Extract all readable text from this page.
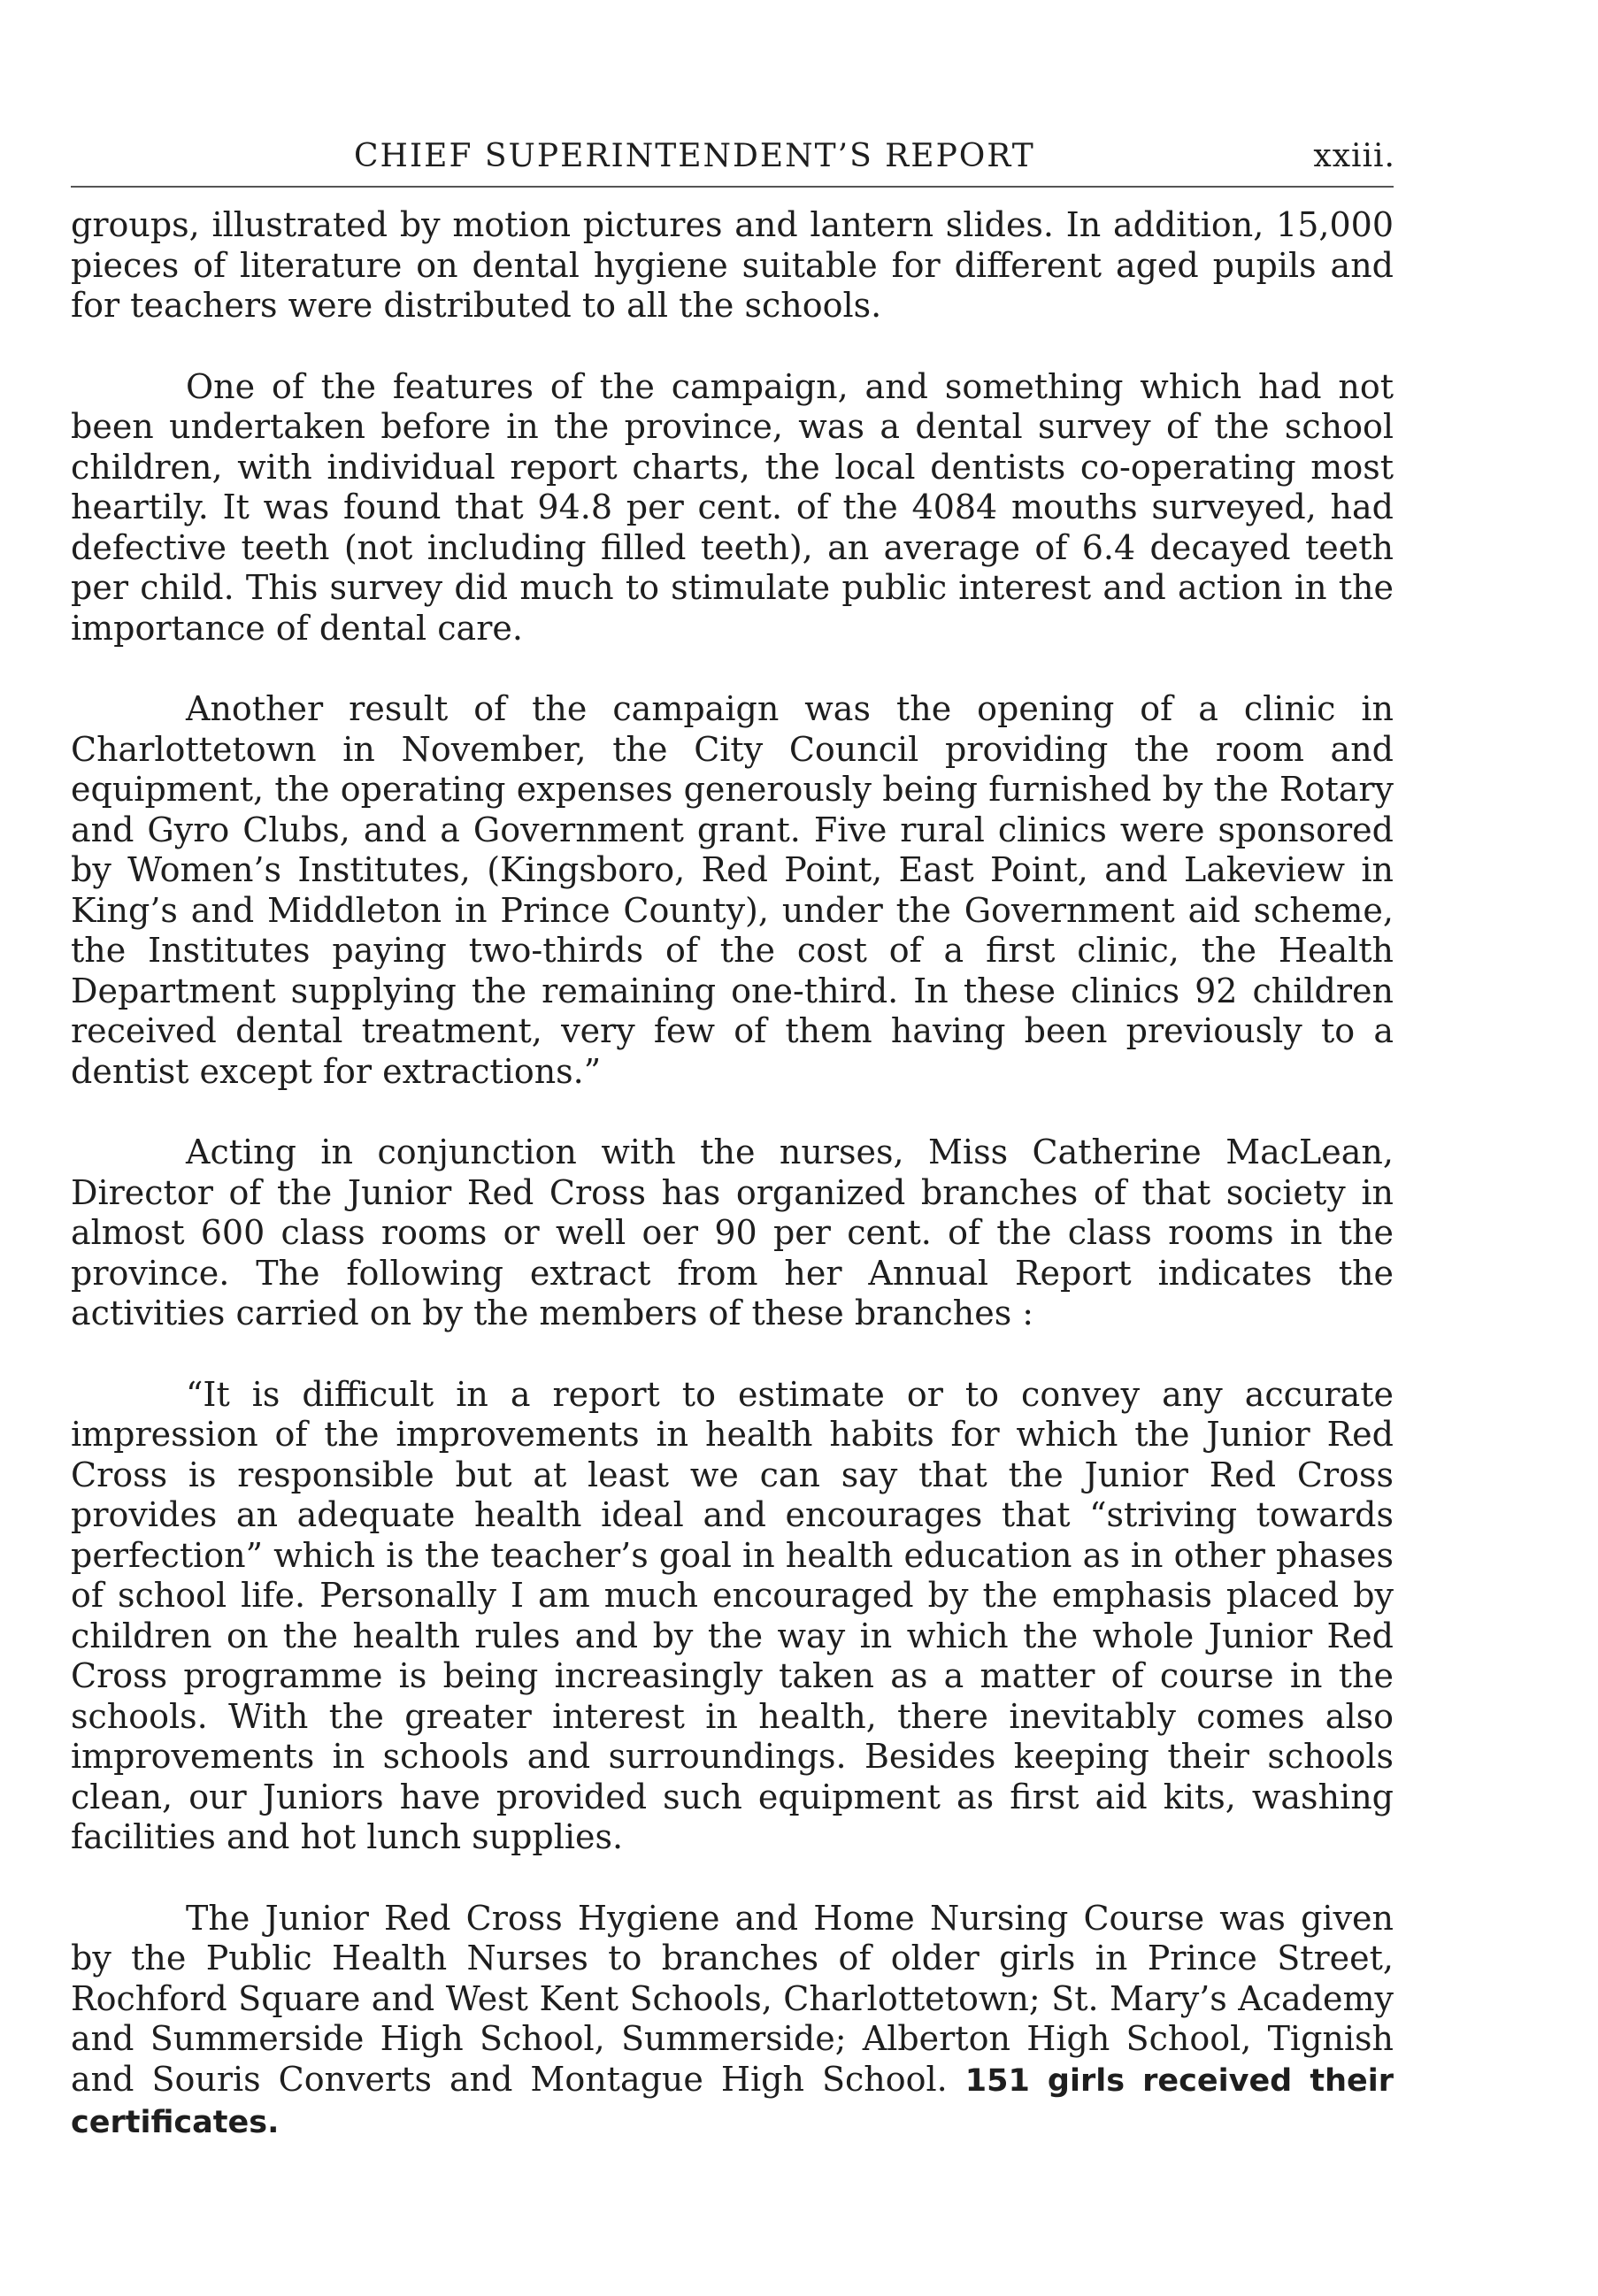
CHIEF SUPERINTENDENT’S REPORT	xxiii.

groups, illustrated by motion pictures and lantern slides. In addition, 15,000 pieces of literature on dental hygiene suitable for different aged pupils and for teachers were distributed to all the schools.

One of the features of the campaign, and something which had not been undertaken before in the province, was a dental survey of the school children, with individual report charts, the local dentists co-operating most heartily. It was found that 94.8 per cent. of the 4084 mouths surveyed, had defective teeth (not including filled teeth), an average of 6.4 decayed teeth per child. This survey did much to stimulate public interest and action in the importance of dental care.

Another result of the campaign was the opening of a clinic in Charlottetown in November, the City Council providing the room and equipment, the operating expenses generously being furnished by the Rotary and Gyro Clubs, and a Government grant. Five rural clinics were sponsored by Women’s Institutes, (Kingsboro, Red Point, East Point, and Lakeview in King’s and Middleton in Prince County), under the Government aid scheme, the Institutes paying two-thirds of the cost of a first clinic, the Health Department supplying the remaining one-third. In these clinics 92 children received dental treatment, very few of them having been previously to a dentist except for extractions.”

Acting in conjunction with the nurses, Miss Catherine MacLean, Director of the Junior Red Cross has organized branches of that society in almost 600 class rooms or well oer 90 per cent. of the class rooms in the province. The following extract from her Annual Report indicates the activities carried on by the members of these branches :

“It is difficult in a report to estimate or to convey any accurate impression of the improvements in health habits for which the Junior Red Cross is responsible but at least we can say that the Junior Red Cross provides an adequate health ideal and encourages that “striving towards perfection” which is the teacher’s goal in health education as in other phases of school life. Personally I am much encouraged by the emphasis placed by children on the health rules and by the way in which the whole Junior Red Cross programme is being increasingly taken as a matter of course in the schools. With the greater interest in health, there inevitably comes also improvements in schools and surroundings. Besides keeping their schools clean, our Juniors have provided such equipment as first aid kits, washing facilities and hot lunch supplies.

The Junior Red Cross Hygiene and Home Nursing Course was given by the Public Health Nurses to branches of older girls in Prince Street, Rochford Square and West Kent Schools, Charlottetown; St. Mary’s Academy and Summerside High School, Summerside; Alberton High School, Tignish and Souris Converts and Montague High School. 151 girls received their certificates.
